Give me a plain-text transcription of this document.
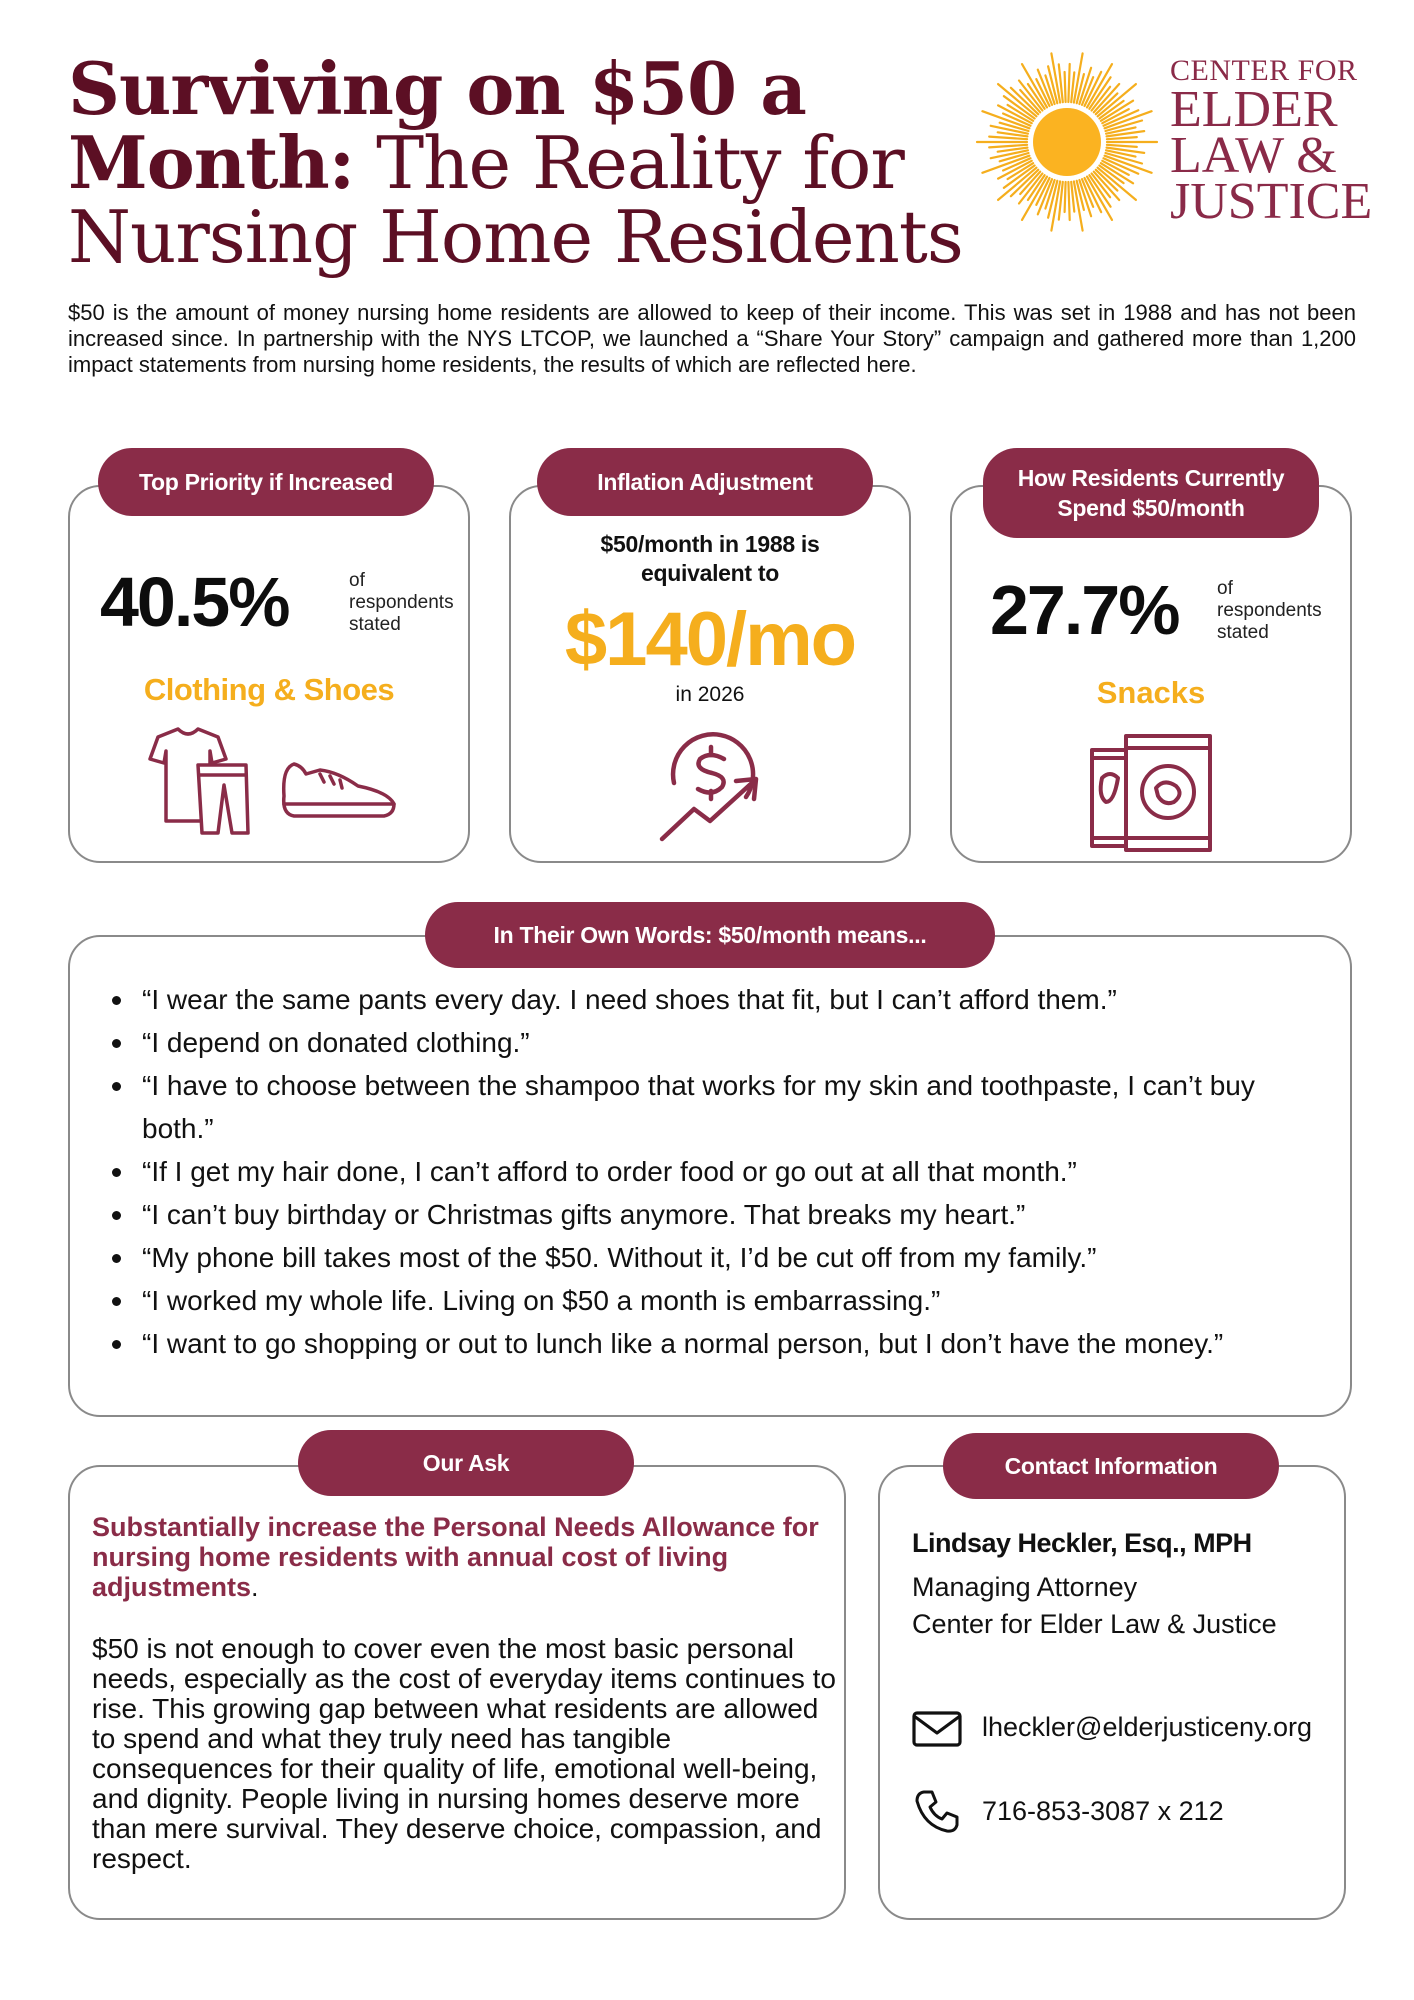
Surviving on $50 a Month: The Reality for Nursing Home Residents
CENTER FOR
ELDER
LAW &
JUSTICE

$50 is the amount of money nursing home residents are allowed to keep of their income. This was set in 1988 and has not been increased since. In partnership with the NYS LTCOP, we launched a “Share Your Story” campaign and gathered more than 1,200 impact statements from nursing home residents, the results of which are reflected here.

Top Priority if Increased
40.5%	of
respondents
stated
Clothing & Shoes
Inflation Adjustment
$50/month in 1988 is
equivalent to
$140/mo
in 2026
How Residents Currently
Spend $50/month
27.7% of
respondents
stated
Snacks
In Their Own Words: $50/month means...
“I wear the same pants every day. I need shoes that fit, but I can’t afford them.”
“I depend on donated clothing.”
“I have to choose between the shampoo that works for my skin and toothpaste, I can’t buy both.”
“If I get my hair done, I can’t afford to order food or go out at all that month.”
“I can’t buy birthday or Christmas gifts anymore. That breaks my heart.”
“My phone bill takes most of the $50. Without it, I’d be cut off from my family.”
“I worked my whole life. Living on $50 a month is embarrassing.”
“I want to go shopping or out to lunch like a normal person, but I don’t have the money.”
Our Ask
Substantially increase the Personal Needs Allowance for nursing home residents with annual cost of living adjustments.
$50 is not enough to cover even the most basic personal needs, especially as the cost of everyday items continues to rise. This growing gap between what residents are allowed to spend and what they truly need has tangible consequences for their quality of life, emotional well-being, and dignity. People living in nursing homes deserve more than mere survival. They deserve choice, compassion, and respect.
Contact Information
Lindsay Heckler, Esq., MPH
Managing Attorney
Center for Elder Law & Justice
lheckler@elderjusticeny.org
716-853-3087 x 212
